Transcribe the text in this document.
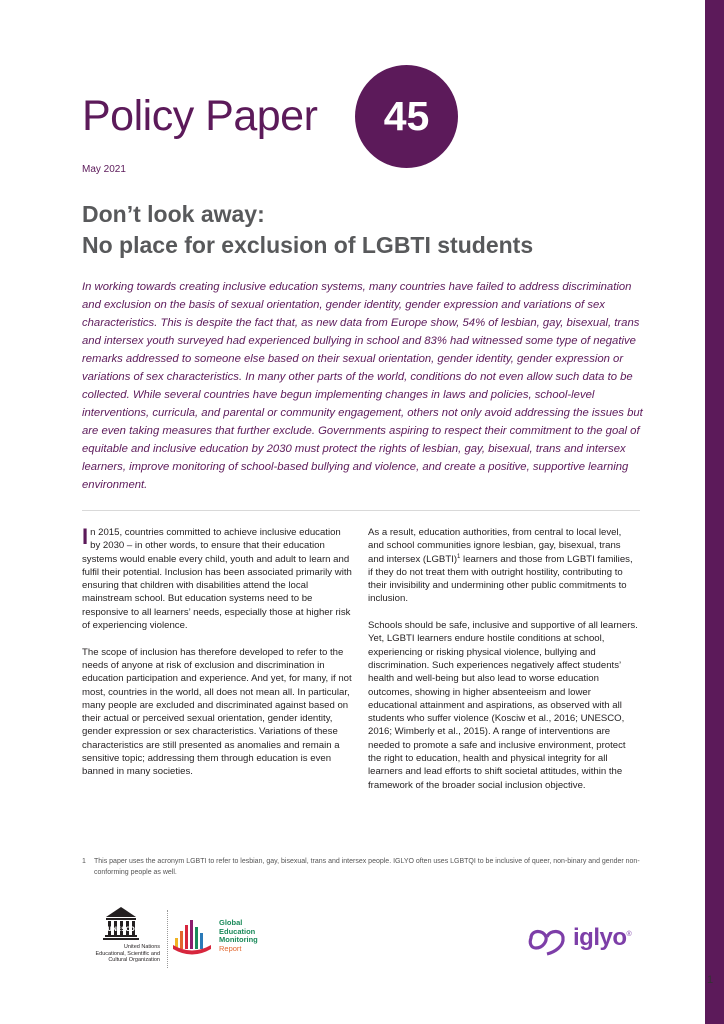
Policy Paper	45
May 2021
Don’t look away:
No place for exclusion of LGBTI students

In working towards creating inclusive education systems, many countries have failed to address discrimination and exclusion on the basis of sexual orientation, gender identity, gender expression and variations of sex characteristics. This is despite the fact that, as new data from Europe show, 54% of lesbian, gay, bisexual, trans and intersex youth surveyed had experienced bullying in school and 83% had witnessed some type of negative remarks addressed to someone else based on their sexual orientation, gender identity, gender expression or variations of sex characteristics. In many other parts of the world, conditions do not even allow such data to be collected. While several countries have begun implementing changes in laws and policies, school-level interventions, curricula, and parental or community engagement, others not only avoid addressing the issues but are even taking measures that further exclude. Governments aspiring to respect their commitment to the goal of equitable and inclusive education by 2030 must protect the rights of lesbian, gay, bisexual, trans and intersex learners, improve monitoring of school-based bullying and violence, and create a positive, supportive learning environment.

In 2015, countries committed to achieve inclusive education by 2030 – in other words, to ensure that their education systems would enable every child, youth and adult to learn and fulfil their potential. Inclusion has been associated primarily with ensuring that children with disabilities attend the local mainstream school. But education systems need to be responsive to all learners’ needs, especially those at higher risk of experiencing violence.

The scope of inclusion has therefore developed to refer to the needs of anyone at risk of exclusion and discrimination in education participation and experience. And yet, for many, if not most, countries in the world, all does not mean all. In particular, many people are excluded and discriminated against based on their actual or perceived sexual orientation, gender identity, gender expression or sex characteristics. Variations of these characteristics are still presented as anomalies and remain a sensitive topic; addressing them through education is even banned in many societies.

As a result, education authorities, from central to local level, and school communities ignore lesbian, gay, bisexual, trans and intersex (LGBTI)$^1$ learners and those from LGBTI families, if they do not treat them with outright hostility, contributing to their invisibility and undermining other public commitments to inclusion.

Schools should be safe, inclusive and supportive of all learners. Yet, LGBTI learners endure hostile conditions at school, experiencing or risking physical violence, bullying and discrimination. Such experiences negatively affect students’ health and well-being but also lead to worse education outcomes, showing in higher absenteeism and lower educational attainment and aspirations, as observed with all students who suffer violence (Kosciw et al., 2016; UNESCO, 2016; Wimberly et al., 2015). A range of interventions are needed to promote a safe and inclusive environment, protect the right to education, health and physical integrity for all learners and lead efforts to shift societal attitudes, within the framework of the broader social inclusion objective.

1	This paper uses the acronym LGBTI to refer to lesbian, gay, bisexual, trans and intersex people. IGLYO often uses LGBTQI to be inclusive of queer, non-binary and gender non-conforming people as well.
UNESCO
United Nations
Educational, Scientific and
Cultural Organization
Global
Education
Monitoring
Report	iglyo®
1
